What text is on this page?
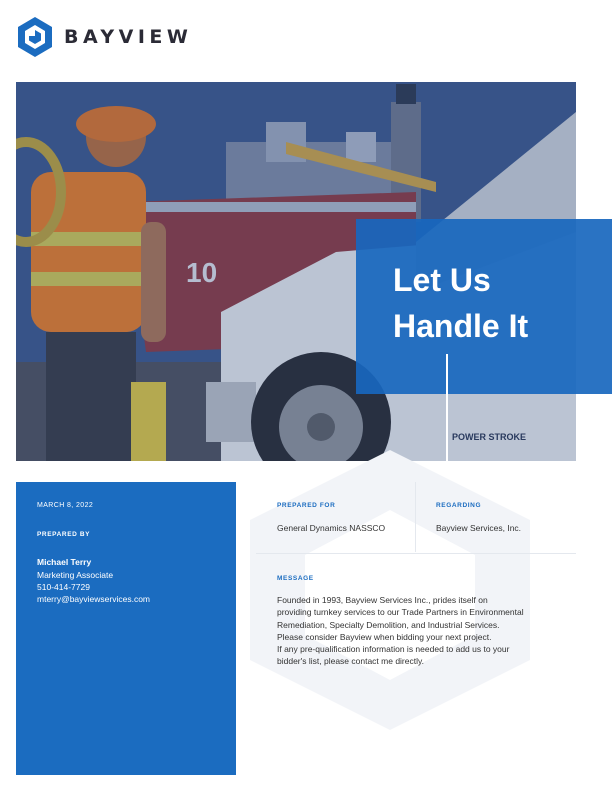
BAYVIEW
10
POWER STROKE
Let Us
Handle It
MARCH 8, 2022
PREPARED BY
Michael Terry
Marketing Associate
510-414-7729
mterry@bayviewservices.com
PREPARED FOR
General Dynamics NASSCO
REGARDING
Bayview Services, Inc.
MESSAGE

Founded in 1993, Bayview Services Inc., prides itself on

providing turnkey services to our Trade Partners in Environmental

Remediation, Specialty Demolition, and Industrial Services.

Please consider Bayview when bidding your next project.

If any pre-qualification information is needed to add us to your

bidder's list, please contact me directly.
